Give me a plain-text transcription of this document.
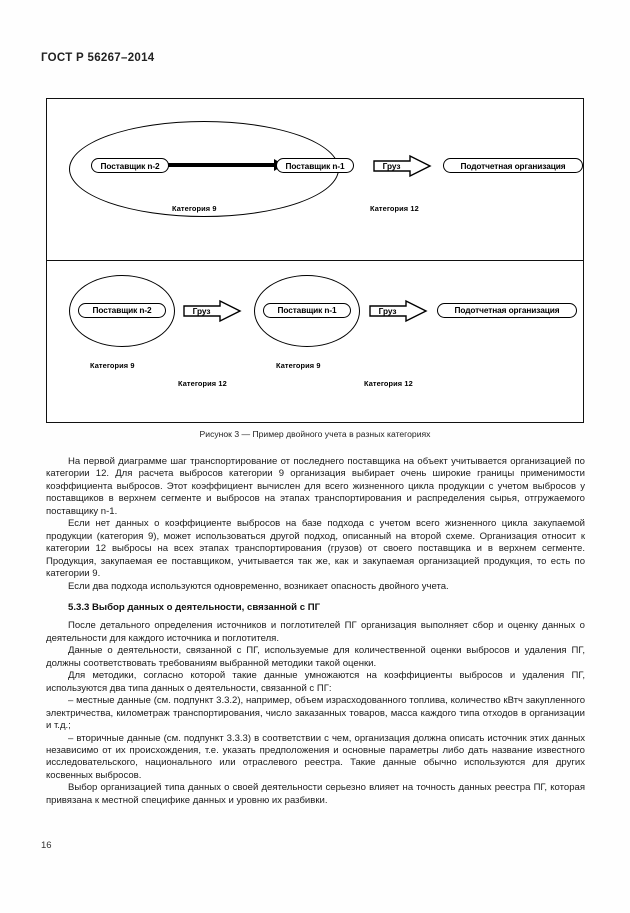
ГОСТ Р 56267–2014
Поставщик n-2	Поставщик n-1	Груз	Подотчетная организация
Категория 9	Категория 12
Поставщик n-2	Груз	Поставщик n-1	Груз	Подотчетная организация
Категория 9
Категория 12
Категория 9
Категория 12
Рисунок 3 — Пример двойного учета в разных категориях

На первой диаграмме шаг транспортирование от последнего поставщика на объект учитывается организацией по категории 12. Для расчета выбросов категории 9 организация выбирает очень широкие границы применимости коэффициента выбросов. Этот коэффициент вычислен для всего жизненного цикла продукции с учетом выбросов у поставщиков в верхнем сегменте и выбросов на этапах транспортирования и распределения сырья, отгружаемого поставщику n-1.

Если нет данных о коэффициенте выбросов на базе подхода с учетом всего жизненного цикла закупаемой продукции (категория 9), может использоваться другой подход, описанный на второй схеме. Организация относит к категории 12 выбросы на всех этапах транспортирования (грузов) от своего поставщика и в верхнем сегменте. Продукция, закупаемая ее поставщиком, учитывается так же, как и закупаемая организацией продукция, то есть по категории 9.

Если два подхода используются одновременно, возникает опасность двойного учета.

5.3.3 Выбор данных о деятельности, связанной с ПГ

После детального определения источников и поглотителей ПГ организация выполняет сбор и оценку данных о деятельности для каждого источника и поглотителя.

Данные о деятельности, связанной с ПГ, используемые для количественной оценки выбросов и удаления ПГ, должны соответствовать требованиям выбранной методики такой оценки.

Для методики, согласно которой такие данные умножаются на коэффициенты выбросов и удаления ПГ, используются два типа данных о деятельности, связанной с ПГ:

– местные данные (см. подпункт 3.3.2), например, объем израсходованного топлива, количество кВтч закупленного электричества, километраж транспортирования, число заказанных товаров, масса каждого типа отходов в организации и т.д.;

– вторичные данные (см. подпункт 3.3.3) в соответствии с чем, организация должна описать источник этих данных независимо от их происхождения, т.е. указать предположения и основные параметры либо дать название известного исследовательского, национального или отраслевого реестра. Такие данные обычно используются для других косвенных выбросов.

Выбор организацией типа данных о своей деятельности серьезно влияет на точность данных реестра ПГ, которая привязана к местной специфике данных и уровню их разбивки.

16
